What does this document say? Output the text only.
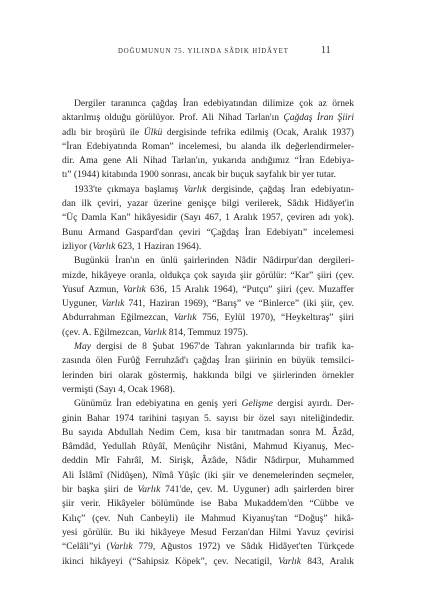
DOĞUMUNUN 75. YILINDA SÂDIK HİDÂYET	11

Dergiler taranınca çağdaş İran edebiyatından dilimize çok az örnek
aktarılmış olduğu görülüyor. Prof. Ali Nihad Tarlan'ın Çağdaş İran Şiiri
adlı bir broşürü ile Ülkü dergisinde tefrika edilmiş (Ocak, Aralık 1937)
“İran Edebiyatında Roman” incelemesi, bu alanda ilk değerlendirmeler-
dir. Ama gene Ali Nihad Tarlan'ın, yukarıda andığımız “İran Edebiya-
tı” (1944) kitabında 1900 sonrası, ancak bir buçuk sayfalık bir yer tutar.

1933'te çıkmaya başlamış Varlık dergisinde, çağdaş İran edebiyatın-
dan ilk çeviri, yazar üzerine genişçe bilgi verilerek, Sâdık Hidâyet'in
“Üç Damla Kan” hikâyesidir (Sayı 467, 1 Aralık 1957, çeviren adı yok).
Bunu Armand Gaspard'dan çeviri “Çağdaş İran Edebiyatı” incelemesi
izliyor (Varlık 623, 1 Haziran 1964).

Bugünkü İran'ın en ünlü şairlerinden Nâdir Nâdirpur'dan dergileri-
mizde, hikâyeye oranla, oldukça çok sayıda şiir görülür: “Kar” şiiri (çev.
Yusuf Azmun, Varlık 636, 15 Aralık 1964), “Putçu” şiiri (çev. Muzaffer
Uyguner, Varlık 741, Haziran 1969), “Barış” ve “Binlerce” (iki şiir, çev.
Abdurrahman Eğilmezcan, Varlık 756, Eylül 1970), “Heykeltıraş” şiiri
(çev. A. Eğilmezcan, Varlık 814, Temmuz 1975).

May dergisi de 8 Şubat 1967'de Tahran yakınlarında bir trafik ka-
zasında ölen Furûğ Ferruhzâd'ı çağdaş İran şiirinin en büyük temsilci-
lerinden biri olarak göstermiş, hakkında bilgi ve şiirlerinden örnekler
vermişti (Sayı 4, Ocak 1968).

Günümüz İran edebiyatına en geniş yeri Gelişme dergisi ayırdı. Der-
ginin Bahar 1974 tarihini taşıyan 5. sayısı bir özel sayı niteliğindedir.
Bu sayıda Abdullah Nedim Cem, kısa bir tanıtmadan sonra M. Âzâd,
Bâmdâd, Yedullah Rûyâî, Menûçihr Nistâni, Mahmud Kiyanuş, Mec-
deddin Mîr Fahrâî, M. Sirişk, Âzâde, Nâdir Nâdirpur, Muhammed
Ali İslâmî (Nidûşen), Nîmâ Yûşîc (iki şiir ve denemelerinden seçmeler,
bir başka şiiri de Varlık 741'de, çev. M. Uyguner) adlı şairlerden birer
şiir verir. Hikâyeler bölümünde ise Baba Mukaddem'den “Cübbe ve
Kılıç” (çev. Nuh Canbeyli) ile Mahmud Kiyanuş'tan “Doğuş” hikâ-
yesi görülür. Bu iki hikâyeye Mesud Ferzan'dan Hilmi Yavuz çevirisi
“Celâli”yi (Varlık 779, Ağustos 1972) ve Sâdık Hidâyet'ten Türkçede
ikinci hikâyeyi (“Sahipsiz Köpek”, çev. Necatigil, Varlık 843, Aralık
